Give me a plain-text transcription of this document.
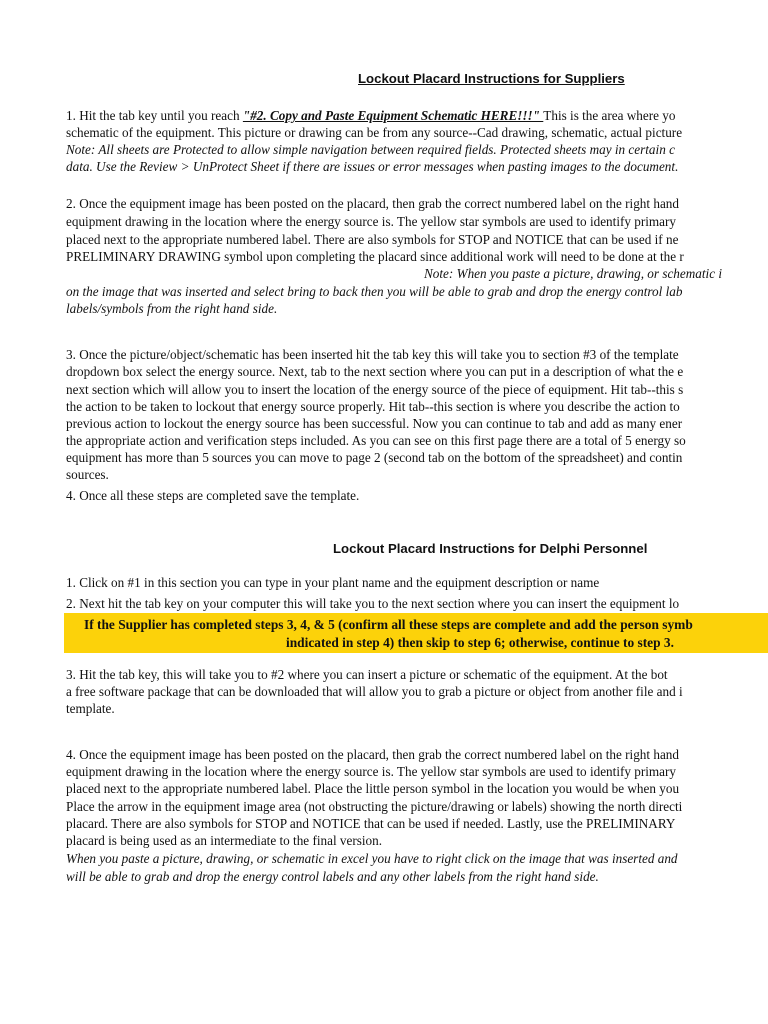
Lockout Placard Instructions for Suppliers
1. Hit the tab key until you reach "#2. Copy and Paste Equipment Schematic HERE!!!" This is the area where yo
schematic of the equipment. This picture or drawing can be from any source--Cad drawing, schematic, actual picture
Note: All sheets are Protected to allow simple navigation between required fields. Protected sheets may in certain c
data. Use the Review > UnProtect Sheet if there are issues or error messages when pasting images to the document.
2. Once the equipment image has been posted on the placard, then grab the correct numbered label on the right hand
equipment drawing in the location where the energy source is. The yellow star symbols are used to identify primary
placed next to the appropriate numbered label. There are also symbols for STOP and NOTICE that can be used if ne
PRELIMINARY DRAWING symbol upon completing the placard since additional work will need to be done at the r
Note: When you paste a picture, drawing, or schematic i
on the image that was inserted and select bring to back then you will be able to grab and drop the energy control lab
labels/symbols from the right hand side.
3. Once the picture/object/schematic has been inserted hit the tab key this will take you to section #3 of the template
dropdown box select the energy source. Next, tab to the next section where you can put in a description of what the e
next section which will allow you to insert the location of the energy source of the piece of equipment. Hit tab--this s
the action to be taken to lockout that energy source properly. Hit tab--this section is where you describe the action to
previous action to lockout the energy source has been successful. Now you can continue to tab and add as many ener
the appropriate action and verification steps included. As you can see on this first page there are a total of 5 energy so
equipment has more than 5 sources you can move to page 2 (second tab on the bottom of the spreadsheet) and contin
sources.
4. Once all these steps are completed save the template.
Lockout Placard Instructions for Delphi Personnel
1. Click on #1 in this section you can type in your plant name and the equipment description or name
2. Next hit the tab key on your computer this will take you to the next section where you can insert the equipment lo
If the Supplier has completed steps 3, 4, & 5 (confirm all these steps are complete and add the person symb
indicated in step 4) then skip to step 6; otherwise, continue to step 3.
3. Hit the tab key, this will take you to #2 where you can insert a picture or schematic of the equipment. At the bot
a free software package that can be downloaded that will allow you to grab a picture or object from another file and i
template.
4. Once the equipment image has been posted on the placard, then grab the correct numbered label on the right hand
equipment drawing in the location where the energy source is. The yellow star symbols are used to identify primary
placed next to the appropriate numbered label. Place the little person symbol in the location you would be when you
Place the arrow in the equipment image area (not obstructing the picture/drawing or labels) showing the north directi
placard. There are also symbols for STOP and NOTICE that can be used if needed. Lastly, use the PRELIMINARY
placard is being used as an intermediate to the final version.
When you paste a picture, drawing, or schematic in excel you have to right click on the image that was inserted and
will be able to grab and drop the energy control labels and any other labels from the right hand side.
